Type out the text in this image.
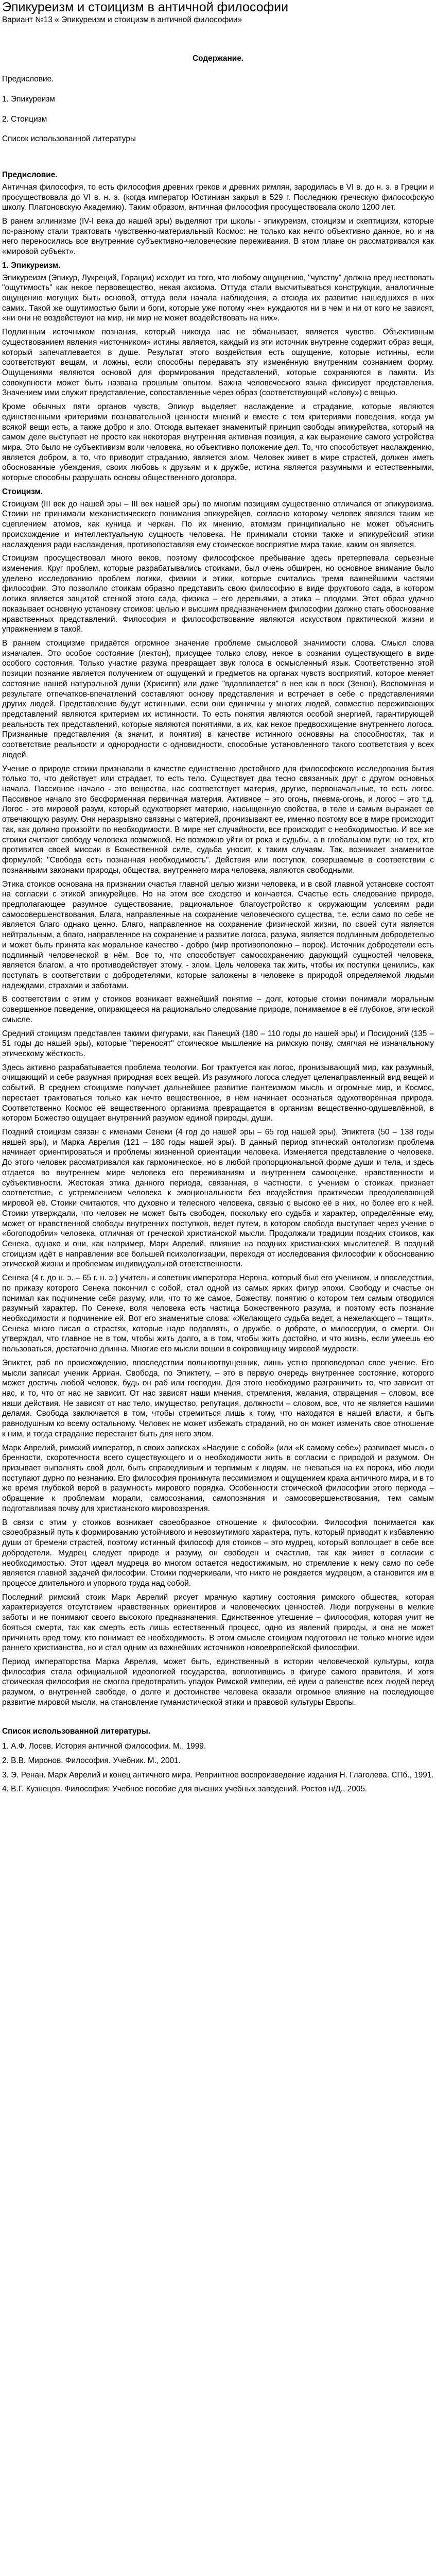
Эпикуреизм и стоицизм в античной философии
Вариант №13 « Эпикуреизм и стоицизм в античной философии»
Содержание.
Предисловие.
1. Эпикуреизм
2. Стоицизм
Список использованной литературы
Предисловие.

Античная философия, то есть философия древних греков и древних римлян, зародилась в VI в. до н. э. в Греции и просуществовала до VI в. н. э. (когда император Юстиниан закрыл в 529 г. Последнюю греческую философскую школу. Платоновскую Академию). Таким образом, античная философия просуществовала около 1200 лет.

В ранем эллинизме (IV-I века до нашей эры) выделяют три школы - эпикуреизм, стоицизм и скептицизм, которые по-разному стали трактовать чувственно-материальный Космос: не только как нечто объективно данное, но и на него переносились все внутренние субъективно-человеческие переживания. В этом плане он рассматривался как «мировой субъект».

1. Эпикуреизм.

Эпикуреизм (Эпикур, Лукреций, Горации) исходит из того, что любому ощущению, "чувству" должна предшествовать "ощутимость" как некое первовеществo, некая аксиома. Оттуда стали высчитываться конструкции, аналогичные ощущению могущих быть основой, оттуда вели начала наблюдения, а отсюда их развитие нашедшихся в них самих. Такой же ощутимостью были и боги, которые уже потому «не» нуждаются ни в чем и ни от кого не зависят, «ни они не воздействуют на мир, ни мир не может воздействовать на них».

Подлинным источником познания, который никогда нас не обманывает, является чувство. Объективным существованием явления «источником» истины является, каждый из эти источник внутренне содержит образ вещи, который запечатлевается в душе. Результат этого воздействия есть ощущение, которые истинны, если соответствуют вещам, и ложны, если способны передавать эту изменённую внутренним сознанием форму. Ощущениями являются основой для формирования представлений, которые сохраняются в памяти. Из совокупности может быть названа прошлым опытом. Важна человеческого языка фиксирует представления. Значением ими служит представление, сопоставленные через образ (соответствующий «слову») с вещью.

Кроме обычных пяти органов чувств, Эпикур выделяет наслаждение и страдание, которые являются единственными критериями познавательной ценности мнений и вместе с тем критериями поведения, когда ум всякой вещи есть, а также добро и зло. Отсюда вытекает знаменитый принцип свободы эпикурейства, который на самом деле выступает не просто как некоторая внутренняя активная позиция, а как выражение самого устройства мира. Это было не субъективизм воли человека, но объективно положение дел. То, что способствует наслаждению, является добром, а то, что приводит страданию, является злом. Человек живет в мире страстей, должен иметь обоснованные убеждения, своих любовь к друзьям и к дружбе, истина является разумными и естественными, которые способны разрушать основы общественного договора.

Стоицизм.

Стоицизм (III век до нашей эры – III век нашей эры) по многим позициям существенно отличался от эпикуреизма. Стоики не принимали механистического понимания эпикурейцев, согласно которому человек являлся таким же сцеплением атомов, как куница и черкан. По их мнению, атомизм принципиально не может объяснить происхождение и интеллектуальную сущность человека. Не принимали стоики также и эпикурейский этики наслаждения ради наслаждения, противопоставляя ему стоическое восприятие мира такие, каким он является.

Стоицизм просуществовал много веков, поэтому философское пребывание здесь претерпевала серьезные изменения. Круг проблем, которые разрабатывались стоиками, был очень обширен, но основное внимание было уделено исследованию проблем логики, физики и этики, которые считались тремя важнейшими частями философии. Это позволило стоикам образно представить свою философию в виде фруктового сада, в котором логика является защитой стенкой этого сада, физика – его деревьями, а этика – плодами. Этот образ удачно показывает основную установку стоиков: целью и высшим предназначением философии должно стать обоснование нравственных представлений. Философия и философствование являются искусством практической жизни и упражнением в такой.

В раннем стоицизме придаётся огромное значение проблеме смысловой значимости слова. Смысл слова изначален. Это особое состояние (лектон), присущее только слову, некое в сознании существующего в виде особого состояния. Только участие разума превращает звук голоса в осмысленный язык. Соответственно этой позиции познание является получением от ощущений и предметов на органах чувств восприятий, которое меняет состояние нашей натуральной души (Хрисипп) или даже "вдавливается" в нее как в воск (Зенон). Воспоминая и результате отпечатков-впечатлений составляют основу представления и встречает в себе с представлениями других людей. Представление будут истинными, если они единичны у многих людей, совместно переживающих представлений являются критерием их истинности. То есть понятия являются особой энергией, гарантирующей реальность тех представлений, которые являются понятиями, а их, как некое предвосхищение внутреннего логоса. Признанные представления (а значит, и понятия) в качестве истинного основаны на способностях, так и соответствие реальности и однородности с одновидности, способные установленного такого соответствия у всех людей.

Учение о природе стоики признавали в качестве единственно достойного для философского исследования бытия только то, что действует или страдает, то есть тело. Существует два тесно связанных друг с другом основных начала. Пассивное начало - это вещества, нас соответствует материя, другие, первоначальные, то есть логос. Пассивное начало это бесформенная первичная материя. Активное – это огонь, пневма-огонь, и логос – это т.д. Логос - это мировой разум, который одухотворяет материю, насыщенную свойства, в теле и самым выражает ее отвечающую разуму. Они неразрывно связаны с материей, пронизывают ее, именно поэтому все в мире происходит так, как должно произойти по необходимости. В мире нет случайности, все происходит с необходимостью. И все же стоики считают свободу человека возможной. Не возможно уйти от рока и судьбы, а в глобальном пути; но тех, кто противится своей миссии в Божественной силе, судьба уносит, к таким случаям. Так, возникает знаменитое формулой: "Свобода есть познанная необходимость". Действия или поступок, совершаемые в соответствии с познанными законами природы, общества, внутреннего мира человека, являются свободными.

Этика стоиков основана на признании счастья главной целью жизни человека, и в свой главной установке состоят на согласии с этикой эпикурейцев. Но на этом все сходство и кончается. Счастье есть следование природе, предполагающее разумное существование, рациональное благоустройство к окружающим условиям ради самосовершенствования. Блага, направленные на сохранение человеческого существа, т.е. если само по себе не является благо однако ценно. Благо, направленное на сохранение физической жизни, по своей сути является нейтральным, а благо, направленное на сохранение и развитие логоса, разума, является подлинным добродетелью и может быть принята как моральное качество - добро (мир противоположно – порок). Источник добродетели есть подлинный человеческой в нём. Все то, что способствует самосохранению дарующий сущностей человека, является благом, а что противодействует этому, - злом. Цель человека так жить, чтобы их поступки ценились, как поступать в соответствии с добродетелями, которые заложены в человеке в природой определяемой людьми надеждами, страхами и заботами.

В соответствии с этим у стоиков возникает важнейший понятие – долг, которые стоики понимали моральным совершенное поведение, опирающееся на рационально следование природе, понимаемое в её глубокое, этической смысле.

Средний стоицизм представлен такими фигурами, как Панеций (180 – 110 годы до нашей эры) и Посидоний (135 – 51 годы до нашей эры), которые "переносят" стоическое мышление на римскую почву, смягчая не изначальному этическому жёсткость.

Здесь активно разрабатывается проблема теологии. Бог трактуется как логос, пронизывающий мир, как разумный, очищающий и себе разумная природная всех вещей. Из разумного логоса следует целенаправленный вид вещей и событий. В среднем стоицизме получает дальнейшее развитие пантеизмом мысль и огромные мир, и Космос, перестает трактоваться только как нечто вещественное, в нём начинает осознаться одухотворённая природа. Соответственно Космос её вещественного организма превращается в организм вещественно-одушевлённой, в котором Божество ощущает внутренний разумом единой природы, души.

Поздний стоицизм связан с именами Сенеки (4 год до нашей эры – 65 год нашей эры), Эпиктета (50 – 138 годы нашей эры), и Марка Аврелия (121 – 180 годы нашей эры). В данный период этический онтологизм проблема начинает ориентироваться и проблемы жизненной ориентации человека. Изменяется представление о человеке. До этого человек рассматривался как гармоническое, но в любой пропорциональной форме души и тела, и здесь отдается во внутреннем мире человека его переживаниям и внутреннем самооценке, нравственности и субъективности. Жестокая этика данного периода, связанная, в частности, с учением о стоиках, признает соответствие, с устремлением человека к эмоциональности без воздействия практически преодолевающей мировой её. Стоики считаются, что духовно и телесного человека, связью с высоко её в них, но более его к ней. Стоики утверждали, что человек не может быть свободен, поскольку его судьба и характер, определённые ему, может от нравственной свободы внутренних поступков, ведет путем, в котором свобода выступает через учение о «богоподобии» человека, отличная от греческой христианской мысли. Продолжали традиции поздних стоиков, как Сенека, однако и они, как например, Марк Аврелий, влияние на поздних христианских мыслителей. В поздний стоицизм идёт в направлении все большей психологизации, переходя от исследования философии к обоснованию этической жизни и проблемам индивидуальной ответственности.

Сенека (4 г. до н. э. – 65 г. н. э.) учитель и советник императора Нерона, который был его учеником, и впоследствии, по приказу которого Сенека покончил с собой, стал одной из самых ярких фигур эпохи. Свободу и счастье он понимал как подчинение себя разуму, или, что то же самое, Божеству, понятию о котором тем самым отводился разумный характер. По Сенеке, воля человека есть частица Божественного разума, и поэтому есть познание необходимости и подчинение ей. Вот его знаменитые слова: «Желающего судьба ведет, а нежелающего – тащит». Сенека много писал о страстях, которые надо подавлять, о дружбе, о доброте, о милосердии, о смерти. Он утверждал, что главное не в том, чтобы жить долго, а в том, чтобы жить достойно, и что жизнь, если умеешь ею пользоваться, достаточно длинна. Многие его мысли вошли в сокровищницу мировой мудрости.

Эпиктет, раб по происхождению, впоследствии вольноотпущенник, лишь устно проповедовал свое учение. Его мысли записал ученик Арриан. Свобода, по Эпиктету, – это в первую очередь внутреннее состояние, которого может достичь любой человек, будь он раб или господин. Для этого необходимо разграничить то, что зависит от нас, и то, что от нас не зависит. От нас зависят наши мнения, стремления, желания, отвращения – словом, все наши действия. Не зависят от нас тело, имущество, репутация, должности – словом, все, что не является нашими делами. Свобода заключается в том, чтобы стремиться лишь к тому, что находится в нашей власти, и быть равнодушным ко всему остальному. Человек не может избежать страданий, но он может изменить свое отношение к ним, и тогда страдание перестанет быть для него злом.

Марк Аврелий, римский император, в своих записках «Наедине с собой» (или «К самому себе») развивает мысль о бренности, скоротечности всего существующего и о необходимости жить в согласии с природой и разумом. Он призывает выполнять свой долг, быть справедливым и терпимым к людям, не гневаться на их пороки, ибо люди поступают дурно по незнанию. Его философия проникнута пессимизмом и ощущением краха античного мира, и в то же время глубокой верой в разумность мирового порядка. Особенности стоической философии этого периода – обращение к проблемам морали, самосознания, самопознания и самосовершенствования, тем самым подготавливая почву для христианского мировоззрения.

В связи с этим у стоиков возникает своеобразное отношение к философии. Философия понимается как своеобразный путь к формированию устойчивого и невозмутимого характера, путь, который приводит к избавлению души от бремени страстей, поэтому истинный философ для стоиков – это мудрец, который воплощает в себе все добродетели. Мудрец следует природе и разуму, он свободен и счастлив, так как живет в согласии с необходимостью. Этот идеал мудреца во многом остается недостижимым, но стремление к нему само по себе является главной задачей философии. Стоики подчеркивали, что никто не рождается мудрецом, а становится им в процессе длительного и упорного труда над собой.

Последний римский стоик Марк Аврелий рисует мрачную картину состояния римского общества, которая характеризуется отсутствием нравственных ориентиров и человеческих ценностей. Люди погружены в мелкие заботы и не понимают своего высокого предназначения. Единственное утешение – философия, которая учит не бояться смерти, так как смерть есть лишь естественный процесс, одно из явлений природы, и она не может причинить вред тому, кто понимает её необходимость. В этом смысле стоицизм подготовил не только многие идеи раннего христианства, но и стал одним из важнейших источников новоевропейской философии.

Период императорства Марка Аврелия, может быть, единственный в истории человеческой культуры, когда философия стала официальной идеологией государства, воплотившись в фигуре самого правителя. И хотя стоическая философия не смогла предотвратить упадок Римской империи, её идеи о равенстве всех людей перед разумом, о внутренней свободе, о долге и достоинстве человека оказали огромное влияние на последующее развитие мировой мысли, на становление гуманистической этики и правовой культуры Европы.

Список использованной литературы.
1. А.Ф. Лосев. История античной философии. М., 1999.
2. В.В. Миронов. Философия. Учебник. М., 2001.
3. Э. Ренан. Марк Аврелий и конец античного мира. Репринтное воспроизведение издания Н. Глаголева. СПб., 1991.
4. В.Г. Кузнецов. Философия: Учебное пособие для высших учебных заведений. Ростов н/Д., 2005.
